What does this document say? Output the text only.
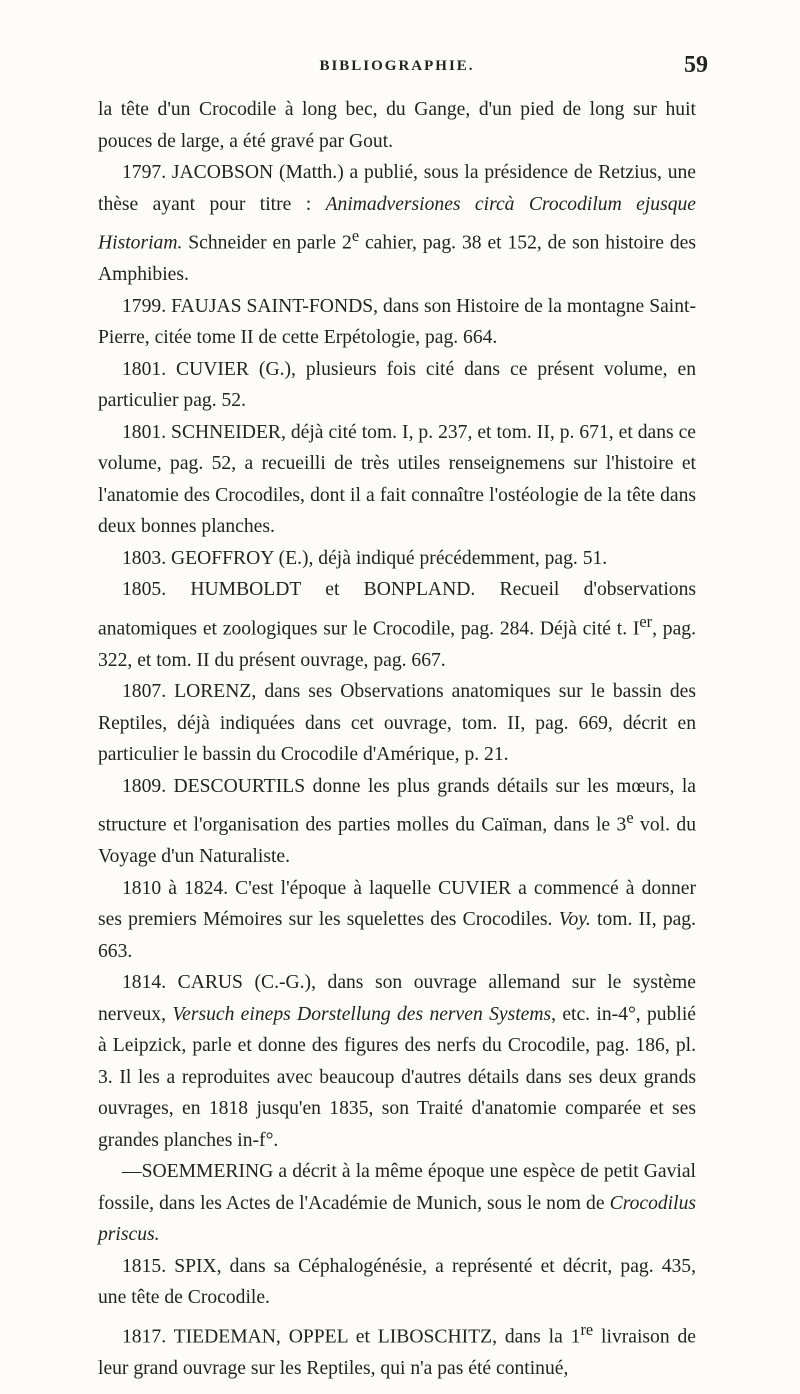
BIBLIOGRAPHIE.	59

la tête d'un Crocodile à long bec, du Gange, d'un pied de long sur huit pouces de large, a été gravé par Gout.

1797. JACOBSON (Matth.) a publié, sous la présidence de Retzius, une thèse ayant pour titre : Animadversiones circà Crocodilum ejusque Historiam. Schneider en parle 2e cahier, pag. 38 et 152, de son histoire des Amphibies.

1799. FAUJAS SAINT-FONDS, dans son Histoire de la montagne Saint-Pierre, citée tome II de cette Erpétologie, pag. 664.

1801. CUVIER (G.), plusieurs fois cité dans ce présent volume, en particulier pag. 52.

1801. SCHNEIDER, déjà cité tom. I, p. 237, et tom. II, p. 671, et dans ce volume, pag. 52, a recueilli de très utiles renseignemens sur l'histoire et l'anatomie des Crocodiles, dont il a fait connaître l'ostéologie de la tête dans deux bonnes planches.

1803. GEOFFROY (E.), déjà indiqué précédemment, pag. 51.

1805. HUMBOLDT et BONPLAND. Recueil d'observations anatomiques et zoologiques sur le Crocodile, pag. 284. Déjà cité t. Ier, pag. 322, et tom. II du présent ouvrage, pag. 667.

1807. LORENZ, dans ses Observations anatomiques sur le bassin des Reptiles, déjà indiquées dans cet ouvrage, tom. II, pag. 669, décrit en particulier le bassin du Crocodile d'Amérique, p. 21.

1809. DESCOURTILS donne les plus grands détails sur les mœurs, la structure et l'organisation des parties molles du Caïman, dans le 3e vol. du Voyage d'un Naturaliste.

1810 à 1824. C'est l'époque à laquelle CUVIER a commencé à donner ses premiers Mémoires sur les squelettes des Crocodiles. Voy. tom. II, pag. 663.

1814. CARUS (C.-G.), dans son ouvrage allemand sur le système nerveux, Versuch eineps Dorstellung des nerven Systems, etc. in-4°, publié à Leipzick, parle et donne des figures des nerfs du Crocodile, pag. 186, pl. 3. Il les a reproduites avec beaucoup d'autres détails dans ses deux grands ouvrages, en 1818 jusqu'en 1835, son Traité d'anatomie comparée et ses grandes planches in-f°.

—SOEMMERING a décrit à la même époque une espèce de petit Gavial fossile, dans les Actes de l'Académie de Munich, sous le nom de Crocodilus priscus.

1815. SPIX, dans sa Céphalogénésie, a représenté et décrit, pag. 435, une tête de Crocodile.

1817. TIEDEMAN, OPPEL et LIBOSCHITZ, dans la 1re livraison de leur grand ouvrage sur les Reptiles, qui n'a pas été continué,
